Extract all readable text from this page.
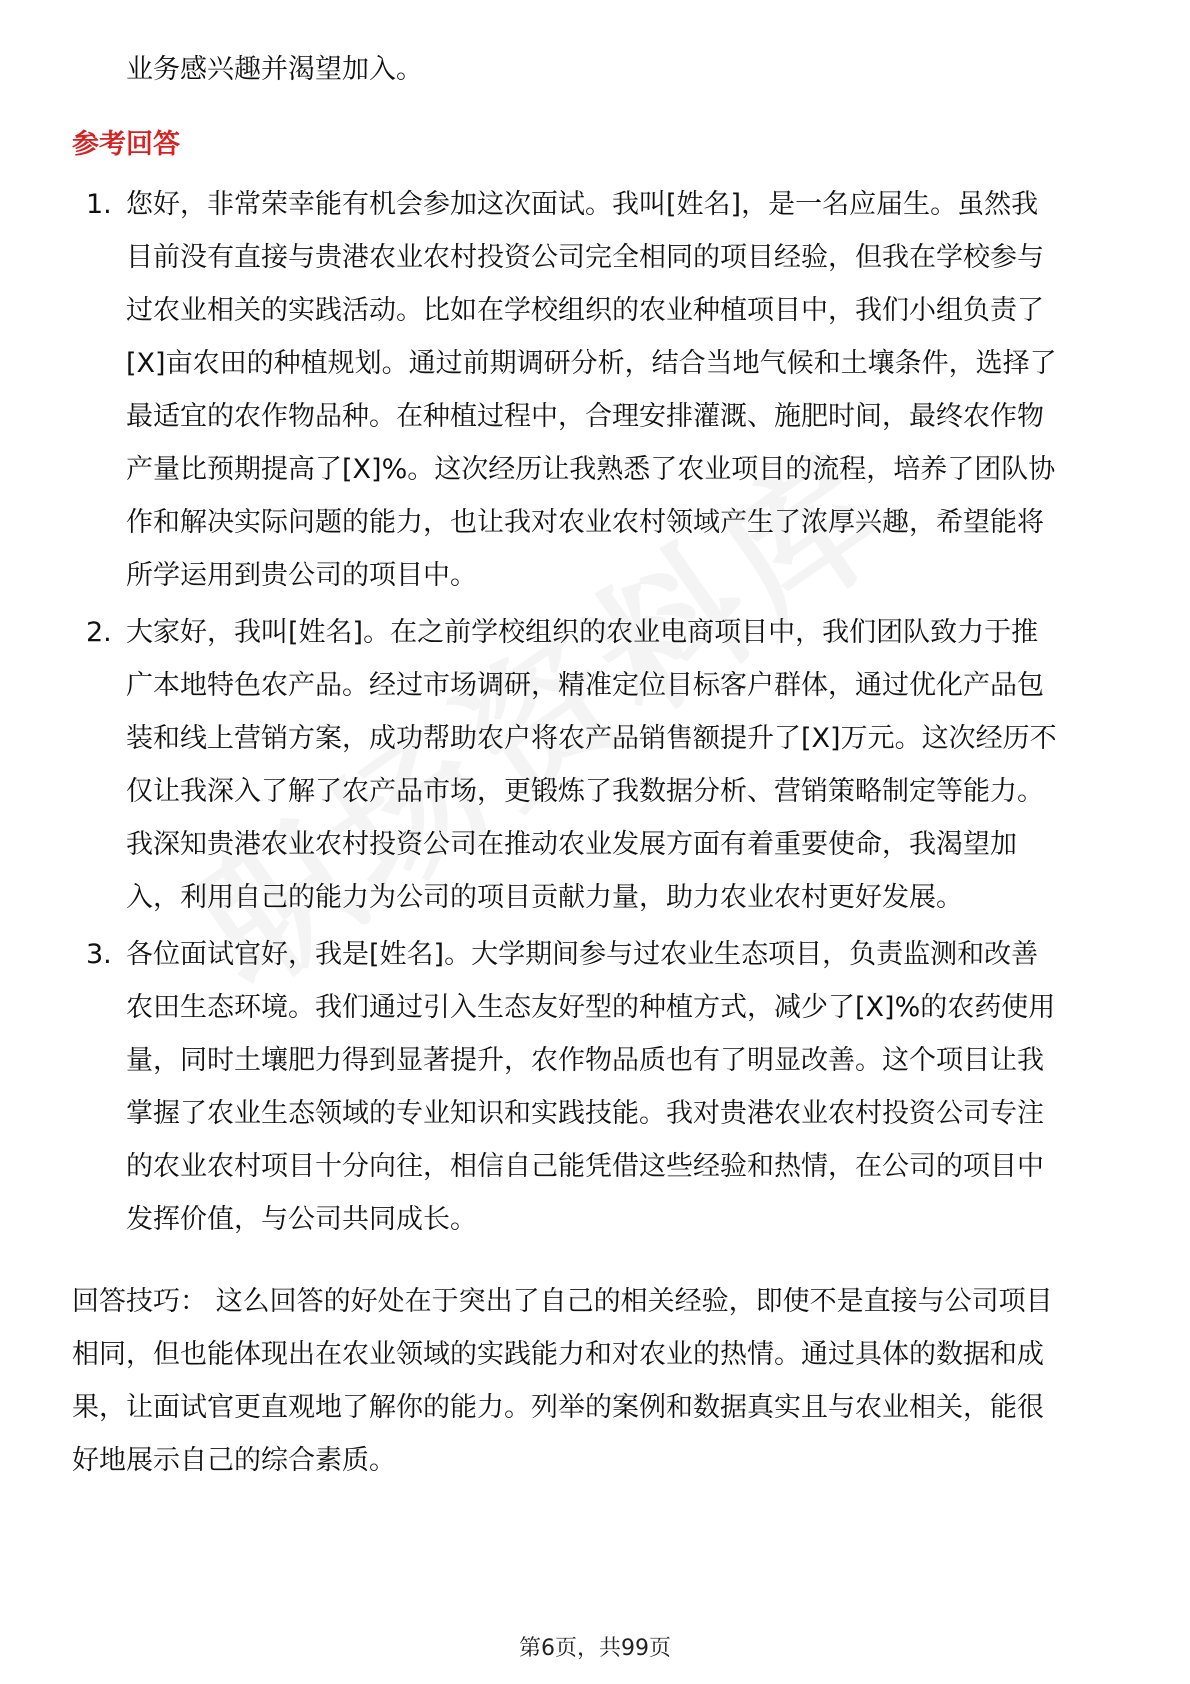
业务感兴趣并渴望加入。
参考回答
1. 您好，非常荣幸能有机会参加这次面试。我叫[姓名]，是一名应届生。虽然我
目前没有直接与贵港农业农村投资公司完全相同的项目经验，但我在学校参与
过农业相关的实践活动。比如在学校组织的农业种植项目中，我们小组负责了
[X]亩农田的种植规划。通过前期调研分析，结合当地气候和土壤条件，选择了
最适宜的农作物品种。在种植过程中，合理安排灌溉、施肥时间，最终农作物
产量比预期提高了[X]%。这次经历让我熟悉了农业项目的流程，培养了团队协
作和解决实际问题的能力，也让我对农业农村领域产生了浓厚兴趣，希望能将
所学运用到贵公司的项目中。
2. 大家好，我叫[姓名]。在之前学校组织的农业电商项目中，我们团队致力于推
广本地特色农产品。经过市场调研，精准定位目标客户群体，通过优化产品包
装和线上营销方案，成功帮助农户将农产品销售额提升了[X]万元。这次经历不
仅让我深入了解了农产品市场，更锻炼了我数据分析、营销策略制定等能力。
我深知贵港农业农村投资公司在推动农业发展方面有着重要使命，我渴望加
入，利用自己的能力为公司的项目贡献力量，助力农业农村更好发展。
3. 各位面试官好，我是[姓名]。大学期间参与过农业生态项目，负责监测和改善
农田生态环境。我们通过引入生态友好型的种植方式，减少了[X]%的农药使用
量，同时土壤肥力得到显著提升，农作物品质也有了明显改善。这个项目让我
掌握了农业生态领域的专业知识和实践技能。我对贵港农业农村投资公司专注
的农业农村项目十分向往，相信自己能凭借这些经验和热情，在公司的项目中
发挥价值，与公司共同成长。
回答技巧： 这么回答的好处在于突出了自己的相关经验，即使不是直接与公司项目
相同，但也能体现出在农业领域的实践能力和对农业的热情。通过具体的数据和成
果，让面试官更直观地了解你的能力。列举的案例和数据真实且与农业相关，能很
好地展示自己的综合素质。
第6页，共99页
